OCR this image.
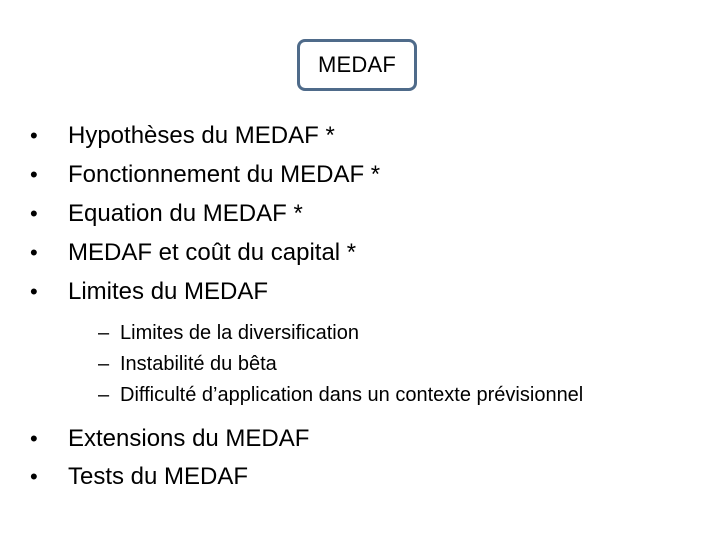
MEDAF
•	Hypothèses du MEDAF *
•	Fonctionnement du MEDAF *
•	Equation du MEDAF *
•	MEDAF et coût du capital *
•	Limites du MEDAF
– Limites de la diversification
– Instabilité du bêta
– Difficulté d’application dans un contexte prévisionnel
•	Extensions du MEDAF
•	Tests du MEDAF
